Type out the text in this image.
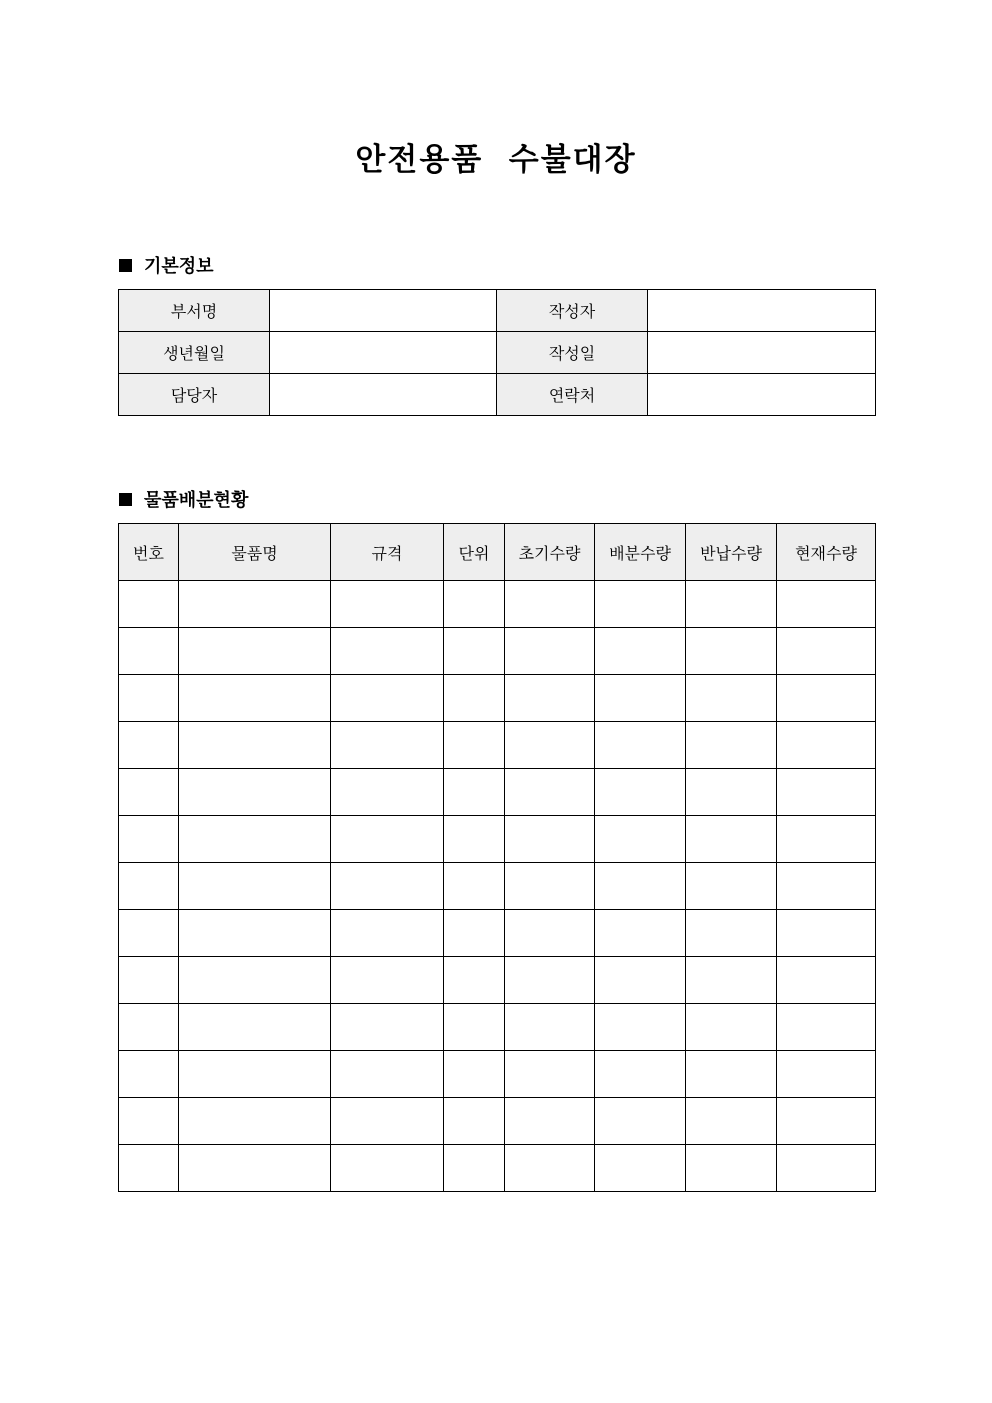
안전용품  수불대장
기본정보
부서명		작성자	
생년월일		작성일	
담당자		연락처	
물품배분현황
번호	물품명	규격	단위	초기수량	배분수량	반납수량	현재수량
